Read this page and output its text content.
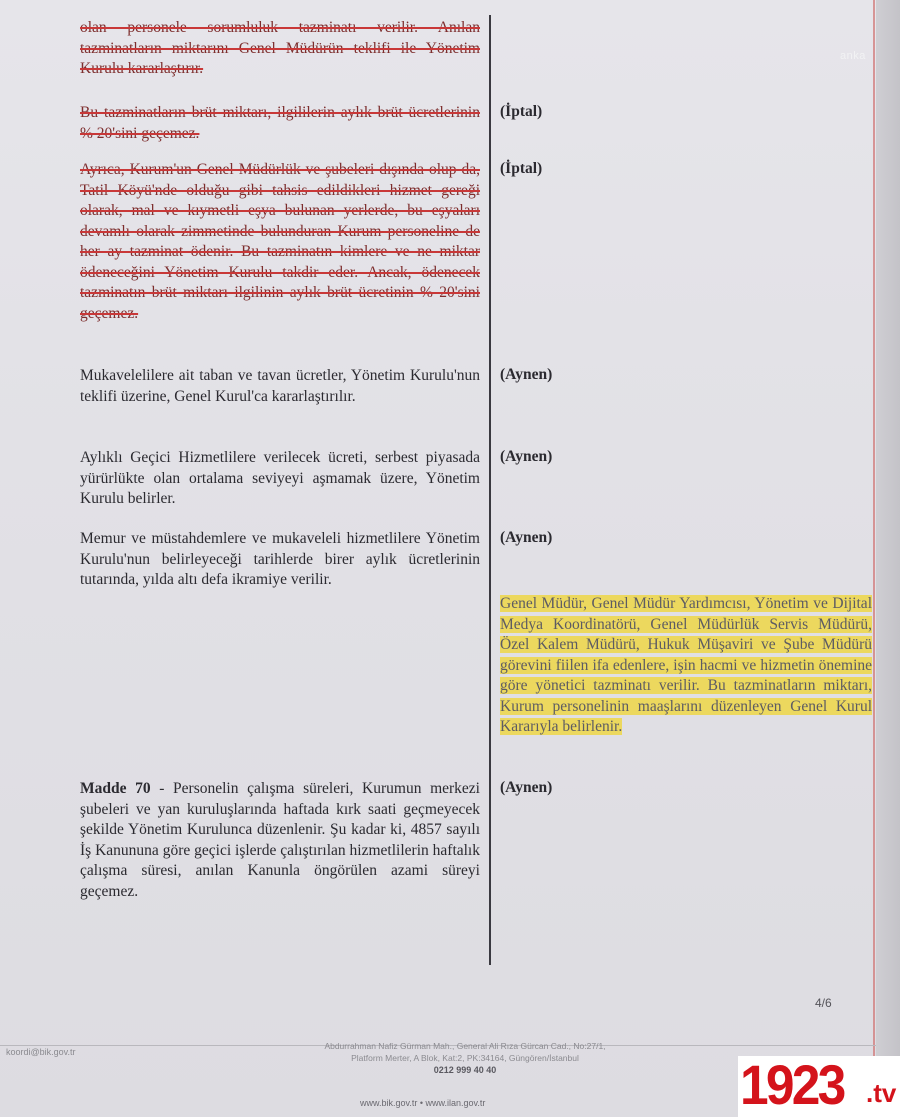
anka

olan personele sorumluluk tazminatı verilir. Anılan tazminatların miktarını Genel Müdürün teklifi ile Yönetim Kurulu kararlaştırır.

Bu tazminatların brüt miktarı, ilgililerin aylık brüt ücretlerinin % 20'sini geçemez.

Ayrıca, Kurum'un Genel Müdürlük ve şubeleri dışında olup da, Tatil Köyü'nde olduğu gibi tahsis edildikleri hizmet gereği olarak, mal ve kıymetli eşya bulunan yerlerde, bu eşyaları devamlı olarak zimmetinde bulunduran Kurum personeline de her ay tazminat ödenir. Bu tazminatın kimlere ve ne miktar ödeneceğini Yönetim Kurulu takdir eder. Ancak, ödenecek tazminatın brüt miktarı ilgilinin aylık brüt ücretinin % 20'sini geçemez.

Mukavelelilere ait taban ve tavan ücretler, Yönetim Kurulu'nun teklifi üzerine, Genel Kurul'ca kararlaştırılır.

Aylıklı Geçici Hizmetlilere verilecek ücreti, serbest piyasada yürürlükte olan ortalama seviyeyi aşmamak üzere, Yönetim Kurulu belirler.

Memur ve müstahdemlere ve mukaveleli hizmetlilere Yönetim Kurulu'nun belirleyeceği tarihlerde birer aylık ücretlerinin tutarında, yılda altı defa ikramiye verilir.

Madde 70 - Personelin çalışma süreleri, Kurumun merkezi şubeleri ve yan kuruluşlarında haftada kırk saati geçmeyecek şekilde Yönetim Kurulunca düzenlenir. Şu kadar ki, 4857 sayılı İş Kanununa göre geçici işlerde çalıştırılan hizmetlilerin haftalık çalışma süresi, anılan Kanunla öngörülen azami süreyi geçemez.

(İptal)

(İptal)

(Aynen)

(Aynen)

(Aynen)

Genel Müdür, Genel Müdür Yardımcısı, Yönetim ve Dijital Medya Koordinatörü, Genel Müdürlük Servis Müdürü, Özel Kalem Müdürü, Hukuk Müşaviri ve Şube Müdürü görevini fiilen ifa edenlere, işin hacmi ve hizmetin önemine göre yönetici tazminatı verilir. Bu tazminatların miktarı, Kurum personelinin maaşlarını düzenleyen Genel Kurul Kararıyla belirlenir.

(Aynen)

4/6
koordi@bik.gov.tr
Abdurrahman Nafiz Gürman Mah., General Ali Rıza Gürcan Cad., No:27/1,
Platform Merter, A Blok, Kat:2, PK:34164, Güngören/İstanbul
0212 999 40 40
www.bik.gov.tr • www.ilan.gov.tr	1923 .tv
